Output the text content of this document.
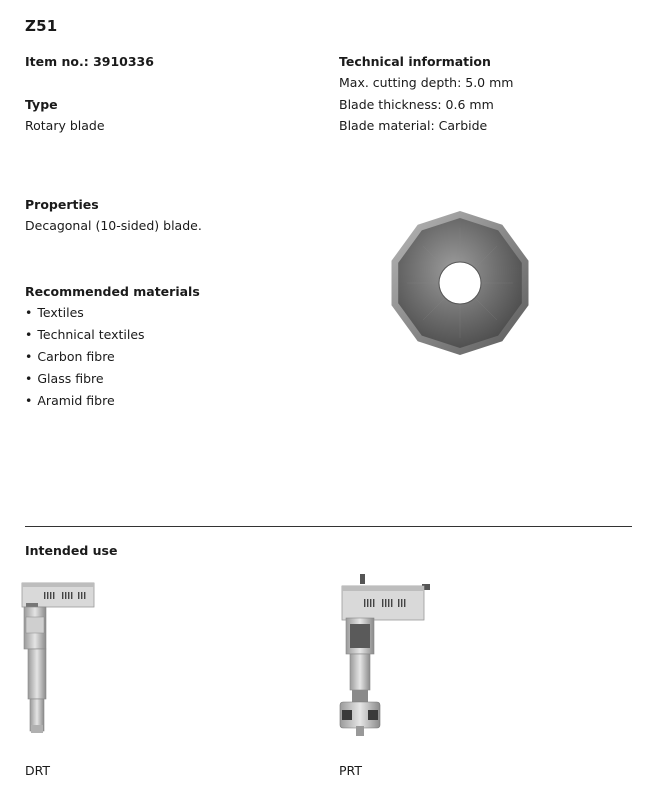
Z51
Item no.: 3910336
Type
Rotary blade
Technical information
Max. cutting depth: 5.0 mm
Blade thickness: 0.6 mm
Blade material: Carbide
Properties
Decagonal (10-sided) blade.
Recommended materials
• Textiles
• Technical textiles
• Carbon fibre
• Glass fibre
• Aramid fibre
Intended use
DRT	PRT
